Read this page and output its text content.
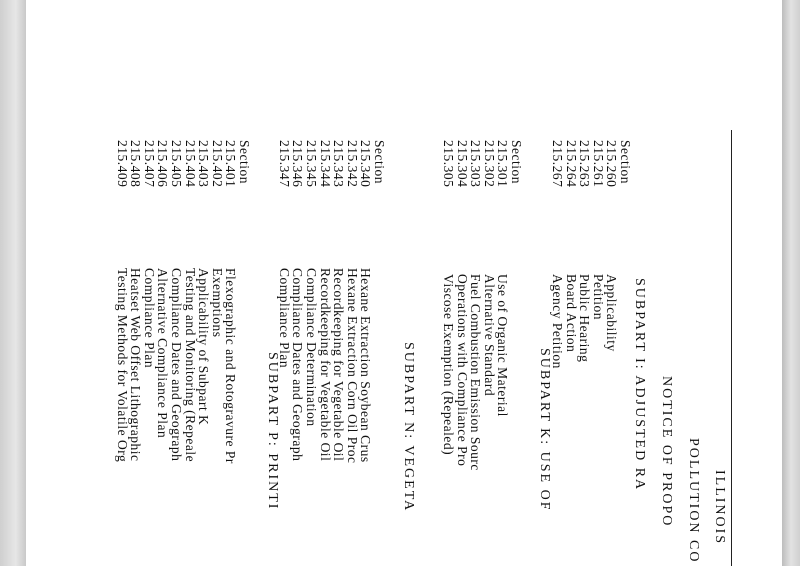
ILLINOIS
POLLUTION CO
NOTICE OF PROPO
SUBPART I: ADJUSTED RA
Section
215.260
215.261
215.263
215.264
215.267
Applicability
Petition
Public Hearing
Board Action
Agency Petition
SUBPART K: USE OF
Section
215.301
215.302
215.303
215.304
215.305
Use of Organic Material
Alternative Standard
Fuel Combustion Emission Sourc
Operations with Compliance Pro
Viscose Exemption (Repealed)
SUBPART N: VEGETA
Section
215.340
215.342
215.343
215.344
215.345
215.346
215.347
Hexane Extraction Soybean Crus
Hexane Extraction Corn Oil Proc
Recordkeeping for Vegetable Oil
Recordkeeping for Vegetable Oil
Compliance Determination
Compliance Dates and Geograph
Compliance Plan
SUBPART P: PRINTI
Section
215.401
215.402
215.403
215.404
215.405
215.406
215.407
215.408
215.409
Flexographic and Rotogravure Pr
Exemptions
Applicability of Subpart K
Testing and Monitoring (Repeale
Compliance Dates and Geograph
Alternative Compliance Plan
Compliance Plan
Heatset Web Offset Lithographic
Testing Methods for Volatile Org
